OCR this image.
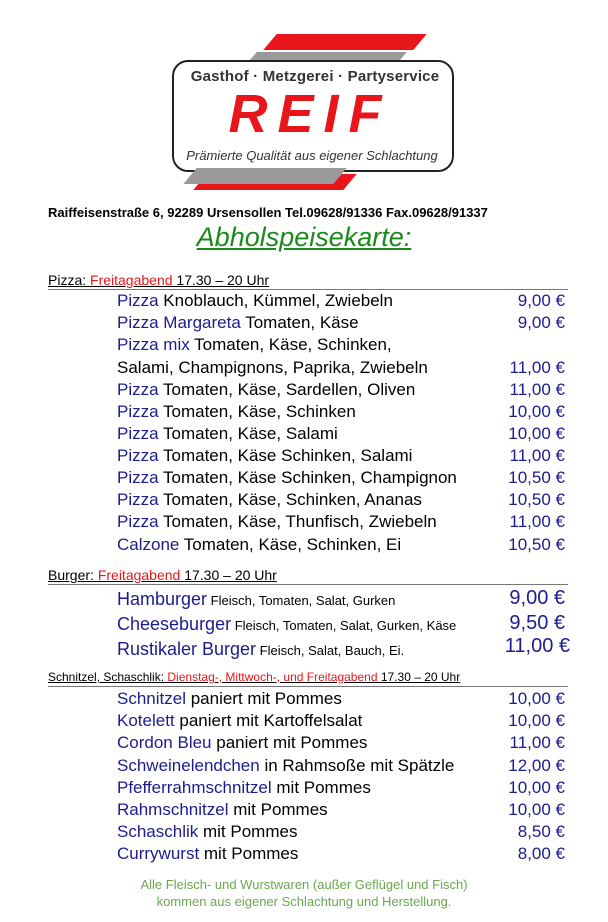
Gasthof · Metzgerei · Partyservice
REIF
Prämierte Qualität aus eigener Schlachtung
Raiffeisenstraße 6, 92289 Ursensollen Tel.09628/91336 Fax.09628/91337
Abholspeisekarte:
Pizza: Freitagabend 17.30 – 20 Uhr
Pizza Knoblauch, Kümmel, Zwiebeln	9,00 €
Pizza Margareta Tomaten, Käse	9,00 €
Pizza mix Tomaten, Käse, Schinken,
Salami, Champignons, Paprika, Zwiebeln	11,00 €
Pizza Tomaten, Käse, Sardellen, Oliven	11,00 €
Pizza Tomaten, Käse, Schinken	10,00 €
Pizza Tomaten, Käse, Salami	10,00 €
Pizza Tomaten, Käse Schinken, Salami	11,00 €
Pizza Tomaten, Käse Schinken, Champignon	10,50 €
Pizza Tomaten, Käse, Schinken, Ananas	10,50 €
Pizza Tomaten, Käse, Thunfisch, Zwiebeln	11,00 €
Calzone Tomaten, Käse, Schinken, Ei	10,50 €
Burger: Freitagabend 17.30 – 20 Uhr
Hamburger Fleisch, Tomaten, Salat, Gurken	9,00 €
Cheeseburger Fleisch, Tomaten, Salat, Gurken, Käse	9,50 €
Rustikaler Burger Fleisch, Salat, Bauch, Ei.	11,00 €
Schnitzel, Schaschlik: Dienstag-, Mittwoch-, und Freitagabend 17.30 – 20 Uhr
Schnitzel paniert mit Pommes	10,00 €
Kotelett paniert mit Kartoffelsalat	10,00 €
Cordon Bleu paniert mit Pommes	11,00 €
Schweinelendchen in Rahmsoße mit Spätzle	12,00 €
Pfefferrahmschnitzel mit Pommes	10,00 €
Rahmschnitzel mit Pommes	10,00 €
Schaschlik mit Pommes	8,50 €
Currywurst mit Pommes	8,00 €
Alle Fleisch- und Wurstwaren (außer Geflügel und Fisch)
kommen aus eigener Schlachtung und Herstellung.
